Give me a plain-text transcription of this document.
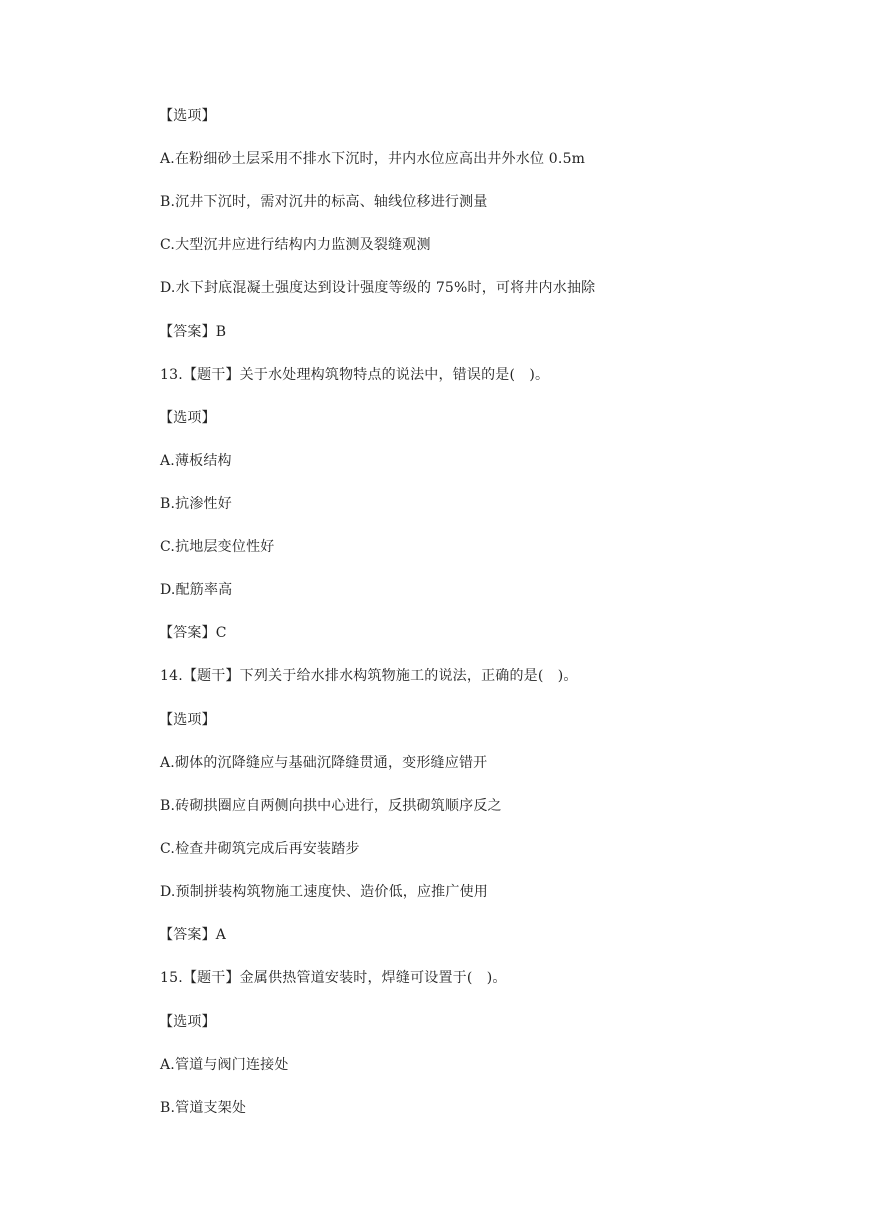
【选项】
A.在粉细砂土层采用不排水下沉时，井内水位应高出井外水位 0.5m
B.沉井下沉时，需对沉井的标高、轴线位移进行测量
C.大型沉井应进行结构内力监测及裂缝观测
D.水下封底混凝土强度达到设计强度等级的 75%时，可将井内水抽除
【答案】B
13.【题干】关于水处理构筑物特点的说法中，错误的是(　)。
【选项】
A.薄板结构
B.抗渗性好
C.抗地层变位性好
D.配筋率高
【答案】C
14.【题干】下列关于给水排水构筑物施工的说法，正确的是(　)。
【选项】
A.砌体的沉降缝应与基础沉降缝贯通，变形缝应错开
B.砖砌拱圈应自两侧向拱中心进行，反拱砌筑顺序反之
C.检查井砌筑完成后再安装踏步
D.预制拼装构筑物施工速度快、造价低，应推广使用
【答案】A
15.【题干】金属供热管道安装时，焊缝可设置于(　)。
【选项】
A.管道与阀门连接处
B.管道支架处
